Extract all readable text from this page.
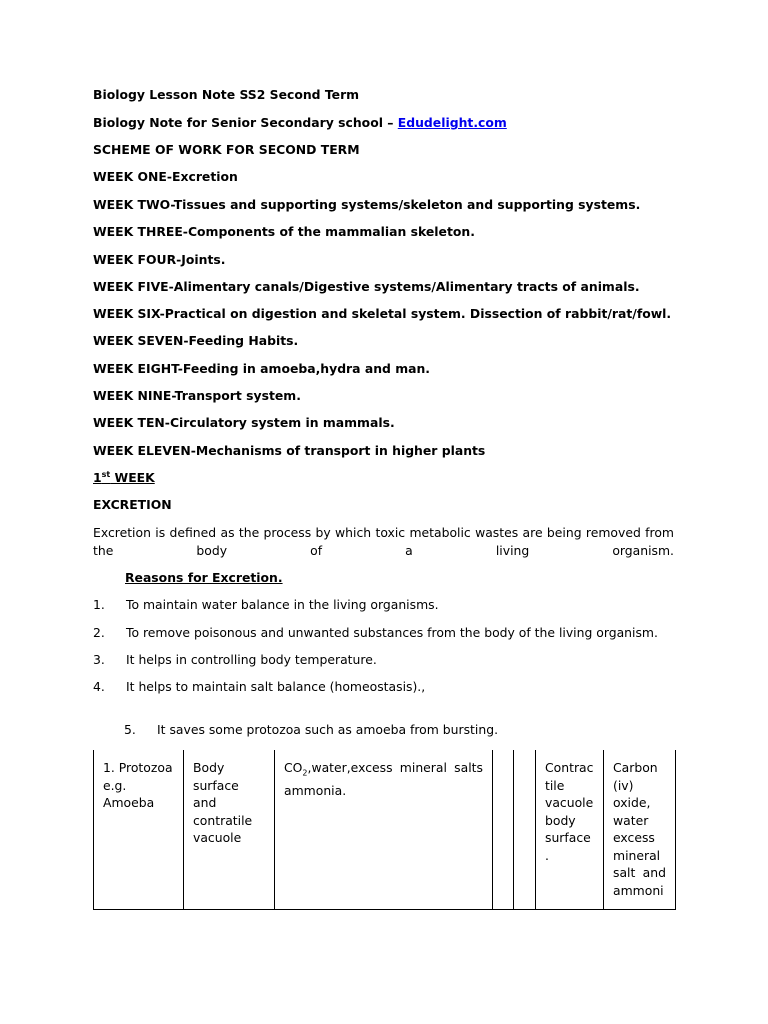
Biology Lesson Note SS2 Second Term
Biology Note for Senior Secondary school – Edudelight.com
SCHEME OF WORK FOR SECOND TERM
WEEK ONE-Excretion
WEEK TWO-Tissues and supporting systems/skeleton and supporting systems.
WEEK THREE-Components of the mammalian skeleton.
WEEK FOUR-Joints.
WEEK FIVE-Alimentary canals/Digestive systems/Alimentary tracts of animals.
WEEK SIX-Practical on digestion and skeletal system. Dissection of rabbit/rat/fowl.
WEEK SEVEN-Feeding Habits.
WEEK EIGHT-Feeding in amoeba,hydra and man.
WEEK NINE-Transport system.
WEEK TEN-Circulatory system in mammals.
WEEK ELEVEN-Mechanisms of transport in higher plants
1st WEEK
EXCRETION
Excretion is defined as the process by which toxic metabolic wastes are being removed from the body of a living organism.
Reasons for Excretion.
1. To maintain water balance in the living organisms.
2. To remove poisonous and unwanted substances from the body of the living organism.
3. It helps in controlling body temperature.
4. It helps to maintain salt balance (homeostasis).,
5. It saves some protozoa such as amoeba from bursting.
1. Protozoa e.g. Amoeba	Body surface and contratile vacuole	$CO_2,water,excess$ mineral salts ammonia.			Contrac tile vacuole body surface.	Carbon (iv) oxide, water excess mineral salt and ammoni
